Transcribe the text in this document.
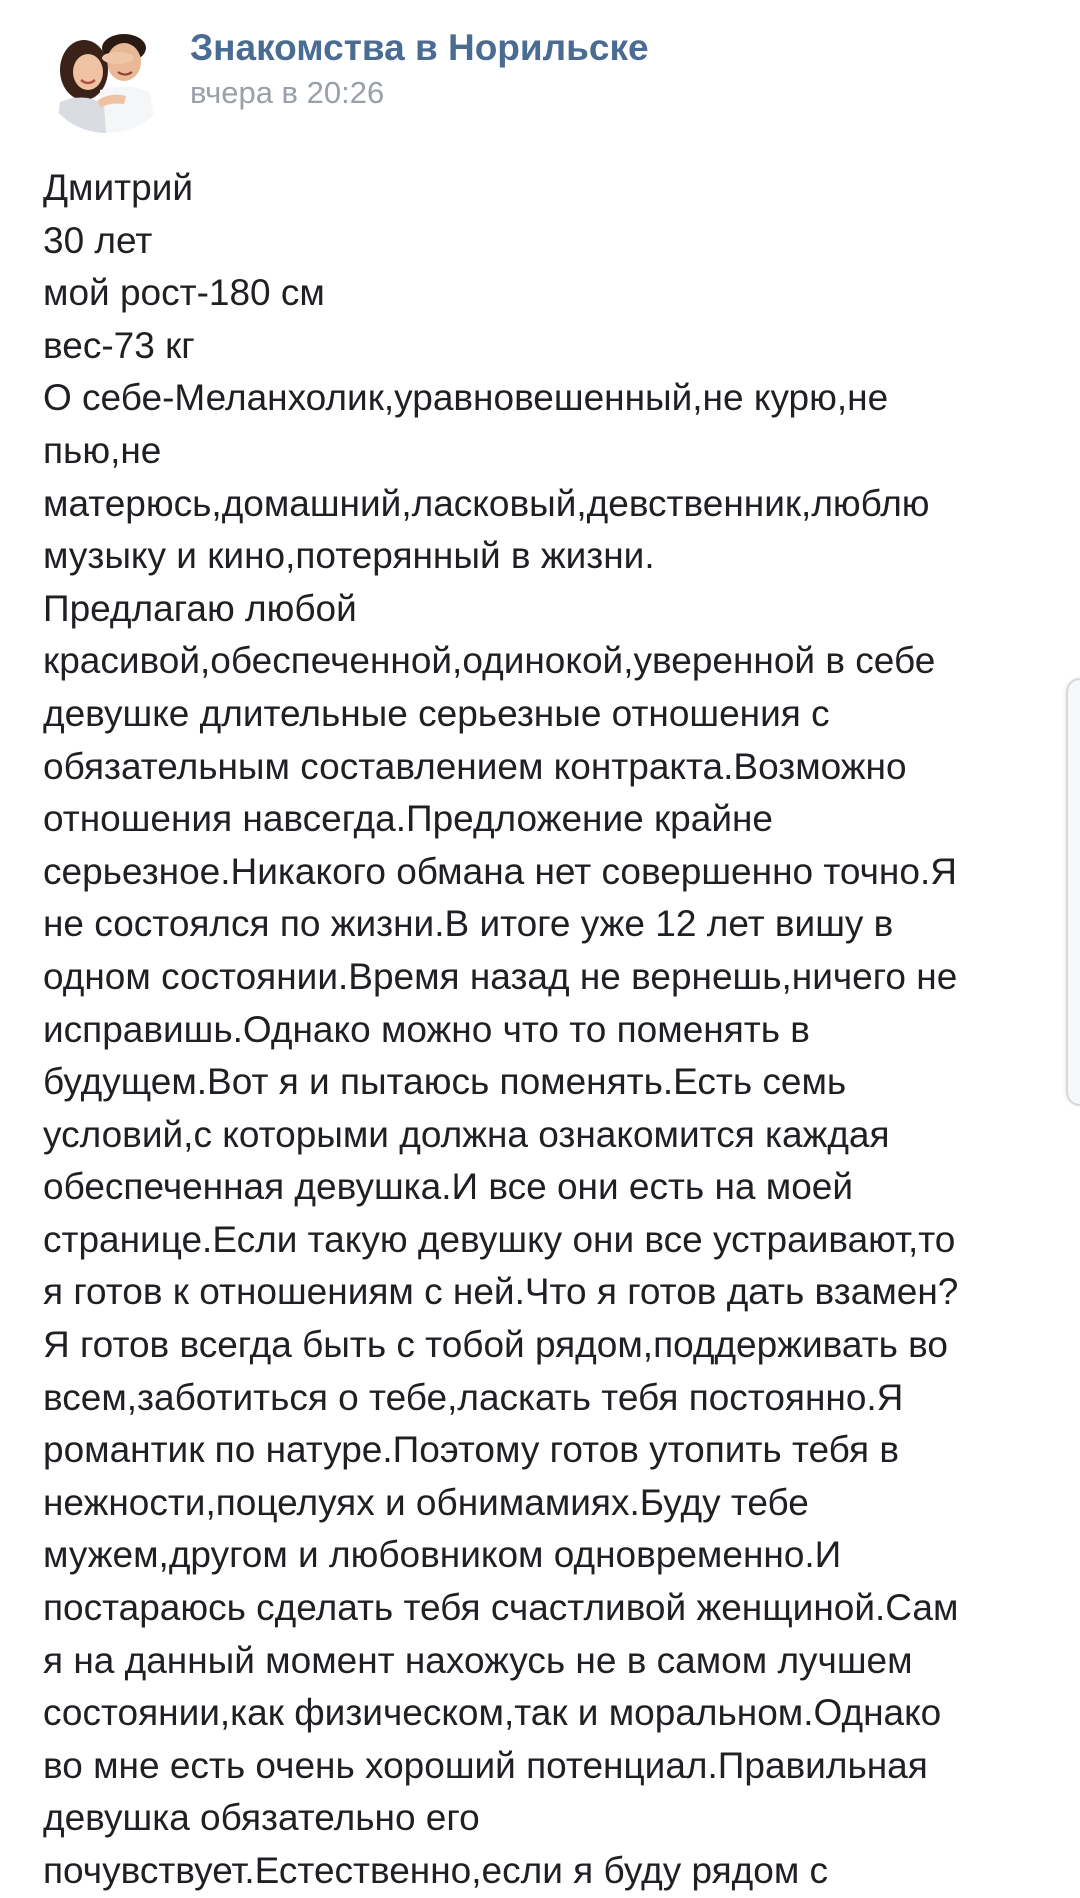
Знакомства в Норильске
вчера в 20:26
Дмитрий
30 лет
мой рост-180 см
вес-73 кг
О себе-Меланхолик,уравновешенный,не курю,не
пью,не
матерюсь,домашний,ласковый,девственник,люблю
музыку и кино,потерянный в жизни.
Предлагаю любой
красивой,обеспеченной,одинокой,уверенной в себе
девушке длительные серьезные отношения с
обязательным составлением контракта.Возможно
отношения навсегда.Предложение крайне
серьезное.Никакого обмана нет совершенно точно.Я
не состоялся по жизни.В итоге уже 12 лет вишу в
одном состоянии.Время назад не вернешь,ничего не
исправишь.Однако можно что то поменять в
будущем.Вот я и пытаюсь поменять.Есть семь
условий,с которыми должна ознакомится каждая
обеспеченная девушка.И все они есть на моей
странице.Если такую девушку они все устраивают,то
я готов к отношениям с ней.Что я готов дать взамен?
Я готов всегда быть с тобой рядом,поддерживать во
всем,заботиться о тебе,ласкать тебя постоянно.Я
романтик по натуре.Поэтому готов утопить тебя в
нежности,поцелуях и обнимамиях.Буду тебе
мужем,другом и любовником одновременно.И
постараюсь сделать тебя счастливой женщиной.Сам
я на данный момент нахожусь не в самом лучшем
состоянии,как физическом,так и моральном.Однако
во мне есть очень хороший потенциал.Правильная
девушка обязательно его
почувствует.Естественно,если я буду рядом с
